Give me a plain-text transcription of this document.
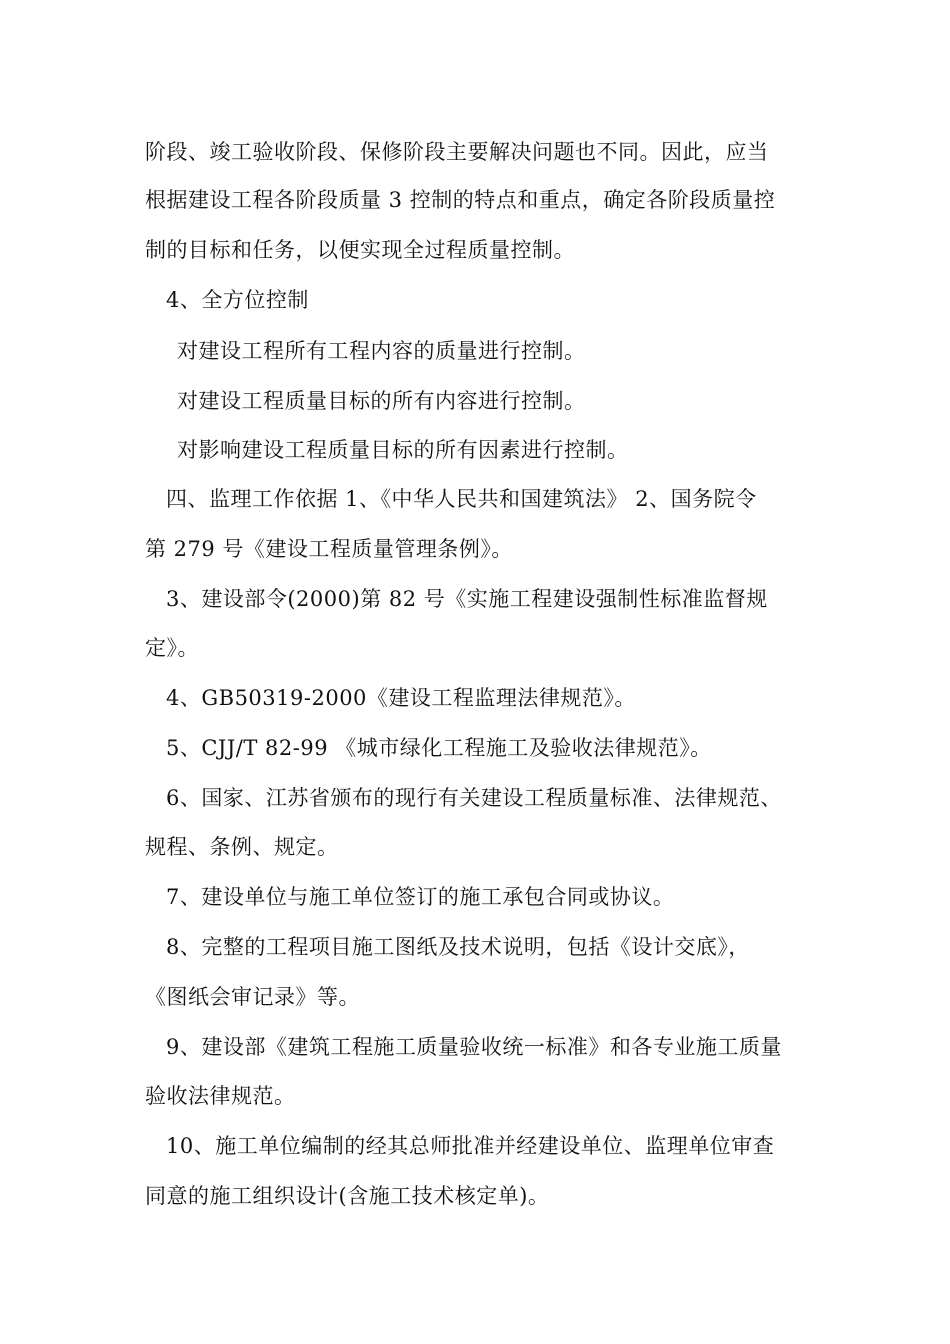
阶段、竣工验收阶段、保修阶段主要解决问题也不同。因此，应当
根据建设工程各阶段质量 3 控制的特点和重点，确定各阶段质量控
制的目标和任务，以便实现全过程质量控制。
4、全方位控制
对建设工程所有工程内容的质量进行控制。
对建设工程质量目标的所有内容进行控制。
对影响建设工程质量目标的所有因素进行控制。
四、监理工作依据 1、《中华人民共和国建筑法》 2、国务院令
第 279 号《建设工程质量管理条例》。
3、建设部令(2000)第 82 号《实施工程建设强制性标准监督规
定》。
4、GB50319-2000《建设工程监理法律规范》。
5、CJJ/T 82-99 《城市绿化工程施工及验收法律规范》。
6、国家、江苏省颁布的现行有关建设工程质量标准、法律规范、
规程、条例、规定。
7、建设单位与施工单位签订的施工承包合同或协议。
8、完整的工程项目施工图纸及技术说明，包括《设计交底》，
《图纸会审记录》等。
9、建设部《建筑工程施工质量验收统一标准》和各专业施工质量
验收法律规范。
10、施工单位编制的经其总师批准并经建设单位、监理单位审查
同意的施工组织设计(含施工技术核定单)。
